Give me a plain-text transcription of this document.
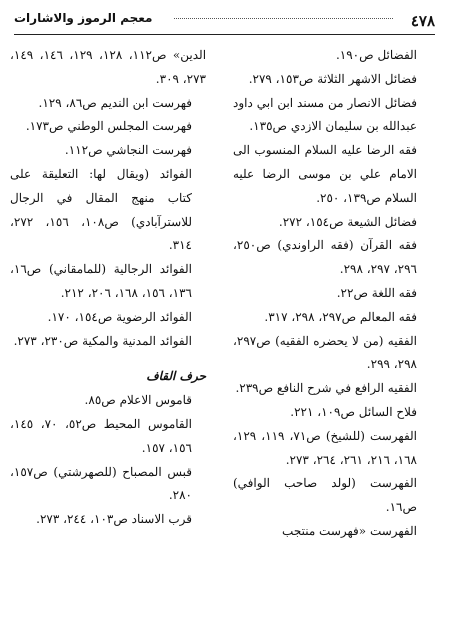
٤٧٨
معجم الرموز والاشارات

الفضائل ص١٩٠.

فضائل الاشهر الثلاثة ص١٥٣، ٢٧٩.

فضائل الانصار من مسند ابن ابي داود عبدالله بن سليمان الازدي ص١٣٥.

فقه الرضا عليه السلام المنسوب الى الامام علي بن موسى الرضا عليه السلام ص١٣٩، ٢٥٠.

فضائل الشيعة ص١٥٤، ٢٧٢.

فقه القرآن (فقه الراوندي) ص٢٥٠، ٢٩٦، ٢٩٧، ٢٩٨.

فقه اللغة ص٢٢.

فقه المعالم ص٢٩٧، ٢٩٨، ٣١٧.

الفقيه (من لا يحضره الفقيه) ص٢٩٧، ٢٩٨، ٢٩٩.

الفقيه الرافع في شرح النافع ص٢٣٩.

فلاح السائل ص١٠٩، ٢٢١.

الفهرست (للشيخ) ص٧١، ١١٩، ١٢٩، ١٦٨، ٢١٦، ٢٦١، ٢٦٤، ٢٧٣.

الفهرست (لولد صاحب الوافي) ص١٦.

الفهرست «فهرست منتجب

الدين» ص١١٢، ١٢٨، ١٢٩، ١٤٦، ١٤٩، ٢٧٣، ٣٠٩.

فهرست ابن النديم ص٨٦، ١٢٩.

فهرست المجلس الوطني ص١٧٣.

فهرست النجاشي ص١١٢.

الفوائد (ويقال لها: التعليقة على كتاب منهج المقال في الرجال للاسترآبادي) ص١٠٨، ١٥٦، ٢٧٢، ٣١٤.

الفوائد الرجالية (للمامقاني) ص١٦، ١٣٦، ١٥٦، ١٦٨، ٢٠٦، ٢١٢.

الفوائد الرضوية ص١٥٤، ١٧٠.

الفوائد المدنية والمكية ص٢٣٠، ٢٧٣.

حرف القاف

قاموس الاعلام ص٨٥.

القاموس المحيط ص٥٢، ٧٠، ١٤٥، ١٥٦، ١٥٧.

قبس المصباح (للصهرشتي) ص١٥٧، ٢٨٠.

قرب الاسناد ص١٠٣، ٢٤٤، ٢٧٣.
